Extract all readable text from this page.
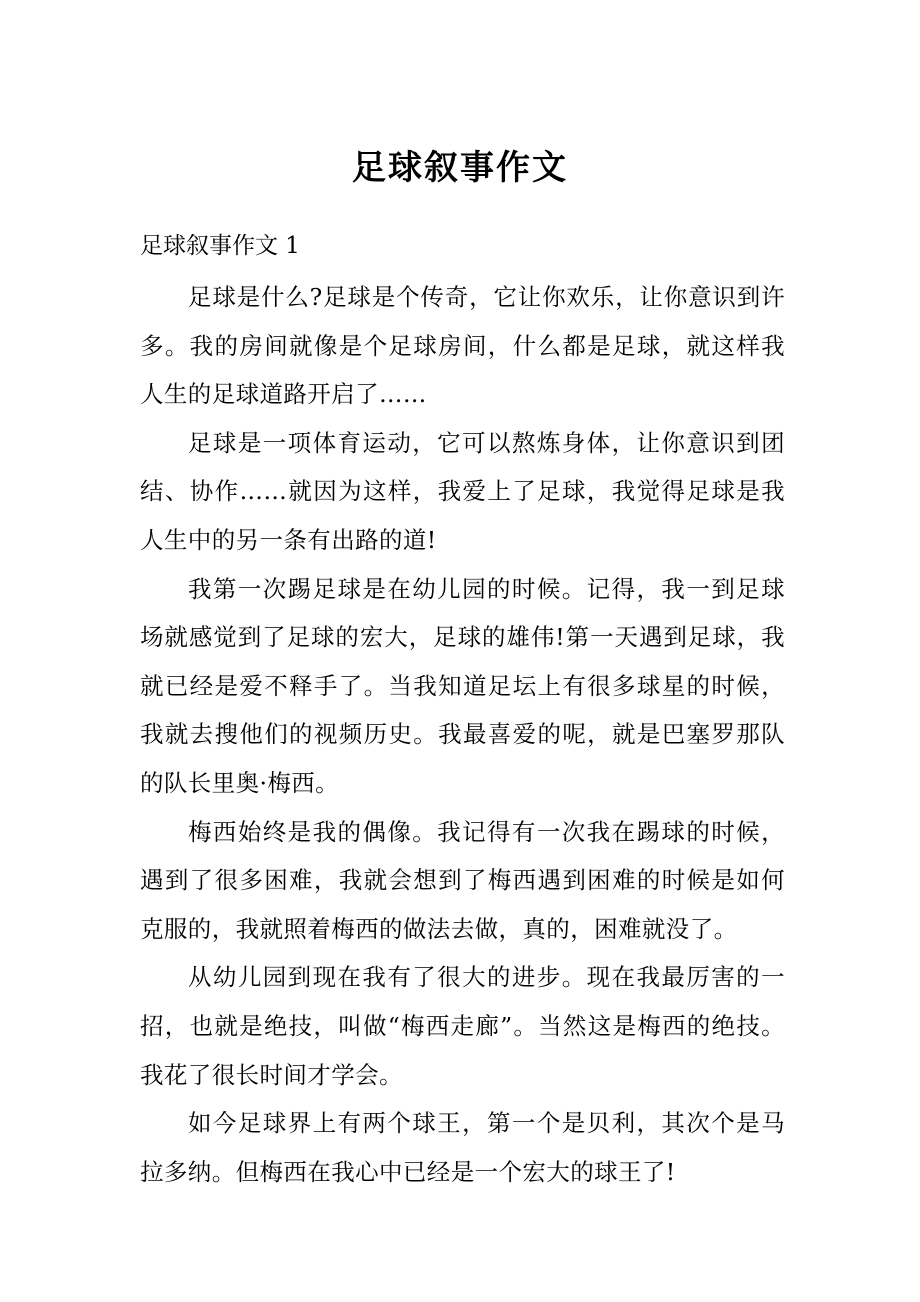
足球叙事作文
足球叙事作文 1

足球是什么?足球是个传奇，它让你欢乐，让你意识到许多。我的房间就像是个足球房间，什么都是足球，就这样我人生的足球道路开启了……

足球是一项体育运动，它可以熬炼身体，让你意识到团结、协作……就因为这样，我爱上了足球，我觉得足球是我人生中的另一条有出路的道!

我第一次踢足球是在幼儿园的时候。记得，我一到足球场就感觉到了足球的宏大，足球的雄伟!第一天遇到足球，我就已经是爱不释手了。当我知道足坛上有很多球星的时候，我就去搜他们的视频历史。我最喜爱的呢，就是巴塞罗那队的队长里奥·梅西。

梅西始终是我的偶像。我记得有一次我在踢球的时候，遇到了很多困难，我就会想到了梅西遇到困难的时候是如何克服的，我就照着梅西的做法去做，真的，困难就没了。

从幼儿园到现在我有了很大的进步。现在我最厉害的一招，也就是绝技，叫做“梅西走廊”。当然这是梅西的绝技。我花了很长时间才学会。

如今足球界上有两个球王，第一个是贝利，其次个是马拉多纳。但梅西在我心中已经是一个宏大的球王了!
